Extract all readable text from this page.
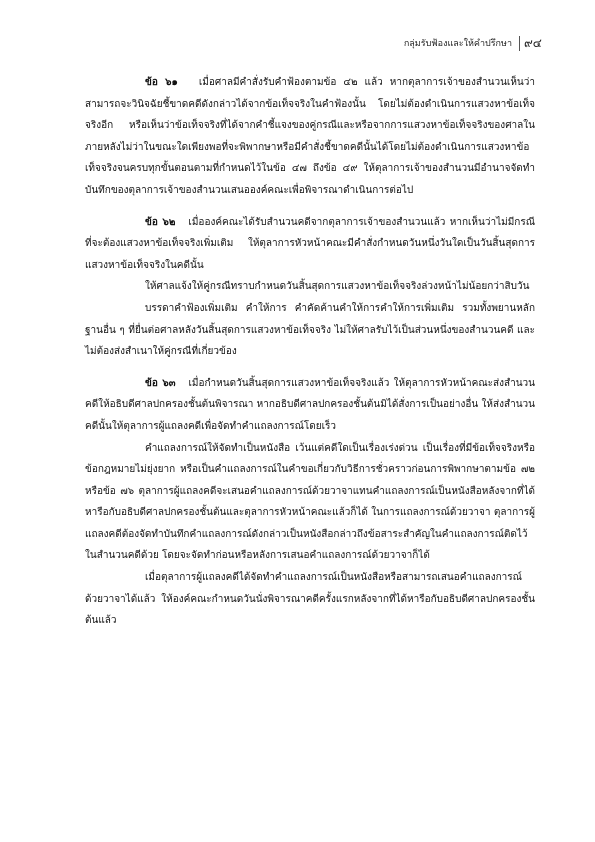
กลุ่มรับฟ้องและให้คำปรึกษา ๙๔

ข้อ ๖๑ เมื่อศาลมีคำสั่งรับคำฟ้องตามข้อ ๔๒ แล้ว หากตุลาการเจ้าของสำนวนเห็นว่าสามารถจะวินิจฉัยชี้ขาดคดีดังกล่าวได้จากข้อเท็จจริงในคำฟ้องนั้น โดยไม่ต้องดำเนินการแสวงหาข้อเท็จจริงอีก หรือเห็นว่าข้อเท็จจริงที่ได้จากคำชี้แจงของคู่กรณีและหรือจากการแสวงหาข้อเท็จจริงของศาลในภายหลังไม่ว่าในขณะใดเพียงพอที่จะพิพากษาหรือมีคำสั่งชี้ขาดคดีนั้นได้โดยไม่ต้องดำเนินการแสวงหาข้อเท็จจริงจนครบทุกขั้นตอนตามที่กำหนดไว้ในข้อ ๔๗ ถึงข้อ ๔๙ ให้ตุลาการเจ้าของสำนวนมีอำนาจจัดทำบันทึกของตุลาการเจ้าของสำนวนเสนอองค์คณะเพื่อพิจารณาดำเนินการต่อไป

ข้อ ๖๒ เมื่อองค์คณะได้รับสำนวนคดีจากตุลาการเจ้าของสำนวนแล้ว หากเห็นว่าไม่มีกรณีที่จะต้องแสวงหาข้อเท็จจริงเพิ่มเติม ให้ตุลาการหัวหน้าคณะมีคำสั่งกำหนดวันหนึ่งวันใดเป็นวันสิ้นสุดการแสวงหาข้อเท็จจริงในคดีนั้น

ให้ศาลแจ้งให้คู่กรณีทราบกำหนดวันสิ้นสุดการแสวงหาข้อเท็จจริงล่วงหน้าไม่น้อยกว่าสิบวัน

บรรดาคำฟ้องเพิ่มเติม คำให้การ คำคัดค้านคำให้การคำให้การเพิ่มเติม รวมทั้งพยานหลักฐานอื่น ๆ ที่ยื่นต่อศาลหลังวันสิ้นสุดการแสวงหาข้อเท็จจริง ไม่ให้ศาลรับไว้เป็นส่วนหนึ่งของสำนวนคดี และไม่ต้องส่งสำเนาให้คู่กรณีที่เกี่ยวข้อง

ข้อ ๖๓ เมื่อกำหนดวันสิ้นสุดการแสวงหาข้อเท็จจริงแล้ว ให้ตุลาการหัวหน้าคณะส่งสำนวนคดีให้อธิบดีศาลปกครองชั้นต้นพิจารณา หากอธิบดีศาลปกครองชั้นต้นมิได้สั่งการเป็นอย่างอื่น ให้ส่งสำนวนคดีนั้นให้ตุลาการผู้แถลงคดีเพื่อจัดทำคำแถลงการณ์โดยเร็ว

คำแถลงการณ์ให้จัดทำเป็นหนังสือ เว้นแต่คดีใดเป็นเรื่องเร่งด่วน เป็นเรื่องที่มีข้อเท็จจริงหรือข้อกฎหมายไม่ยุ่งยาก หรือเป็นคำแถลงการณ์ในคำขอเกี่ยวกับวิธีการชั่วคราวก่อนการพิพากษาตามข้อ ๗๒ หรือข้อ ๗๖ ตุลาการผู้แถลงคดีจะเสนอคำแถลงการณ์ด้วยวาจาแทนคำแถลงการณ์เป็นหนังสือหลังจากที่ได้หารือกับอธิบดีศาลปกครองชั้นต้นและตุลาการหัวหน้าคณะแล้วก็ได้ ในการแถลงการณ์ด้วยวาจา ตุลาการผู้แถลงคดีต้องจัดทำบันทึกคำแถลงการณ์ดังกล่าวเป็นหนังสือกล่าวถึงข้อสาระสำคัญในคำแถลงการณ์ติดไว้ในสำนวนคดีด้วย โดยจะจัดทำก่อนหรือหลังการเสนอคำแถลงการณ์ด้วยวาจาก็ได้

เมื่อตุลาการผู้แถลงคดีได้จัดทำคำแถลงการณ์เป็นหนังสือหรือสามารถเสนอคำแถลงการณ์ด้วยวาจาได้แล้ว ให้องค์คณะกำหนดวันนั่งพิจารณาคดีครั้งแรกหลังจากที่ได้หารือกับอธิบดีศาลปกครองชั้นต้นแล้ว
